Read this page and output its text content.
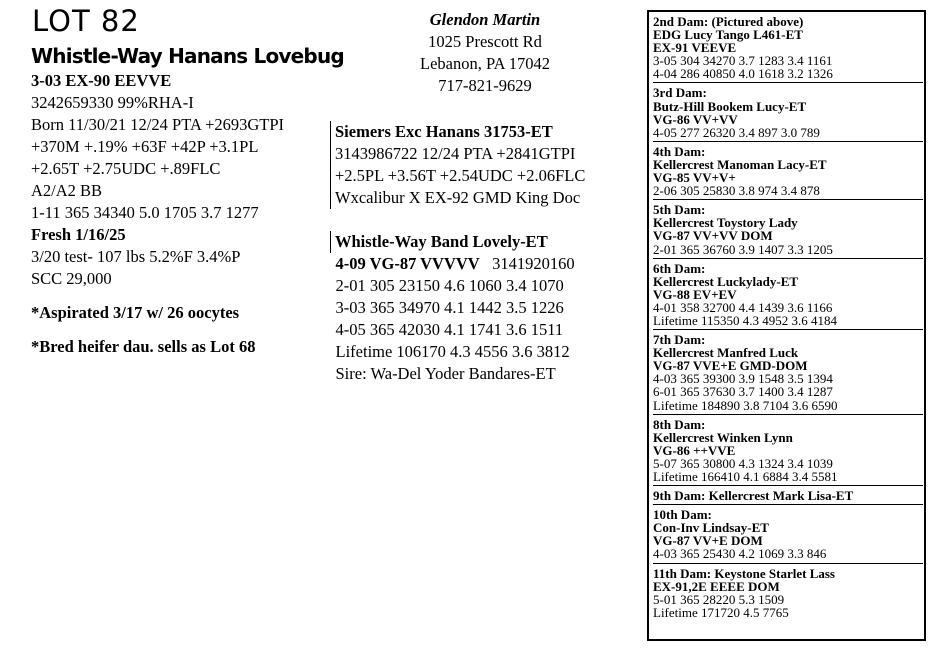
LOT 82
Whistle-Way Hanans Lovebug
3-03 EX-90 EEVVE
3242659330 99%RHA-I
Born 11/30/21 12/24 PTA +2693GTPI
+370M +.19% +63F +42P +3.1PL
+2.65T +2.75UDC +.89FLC
A2/A2 BB
1-11 365 34340 5.0 1705 3.7 1277
Fresh 1/16/25
3/20 test- 107 lbs 5.2%F 3.4%P
SCC 29,000
*Aspirated 3/17 w/ 26 oocytes
*Bred heifer dau. sells as Lot 68
Glendon Martin
1025 Prescott Rd
Lebanon, PA 17042
717-821-9629
Siemers Exc Hanans 31753-ET
3143986722 12/24 PTA +2841GTPI
+2.5PL +3.56T +2.54UDC +2.06FLC
Wxcalibur X EX-92 GMD King Doc
Whistle-Way Band Lovely-ET
4-09 VG-87 VVVVV 3141920160
2-01 305 23150 4.6 1060 3.4 1070
3-03 365 34970 4.1 1442 3.5 1226
4-05 365 42030 4.1 1741 3.6 1511
Lifetime 106170 4.3 4556 3.6 3812
Sire: Wa-Del Yoder Bandares-ET
2nd Dam: (Pictured above)
EDG Lucy Tango L461-ET
EX-91 VEEVE
3-05 304 34270 3.7 1283 3.4 1161
4-04 286 40850 4.0 1618 3.2 1326
3rd Dam:
Butz-Hill Bookem Lucy-ET
VG-86 VV+VV
4-05 277 26320 3.4 897 3.0 789
4th Dam:
Kellercrest Manoman Lacy-ET
VG-85 VV+V+
2-06 305 25830 3.8 974 3.4 878
5th Dam:
Kellercrest Toystory Lady
VG-87 VV+VV DOM
2-01 365 36760 3.9 1407 3.3 1205
6th Dam:
Kellercrest Luckylady-ET
VG-88 EV+EV
4-01 358 32700 4.4 1439 3.6 1166
Lifetime 115350 4.3 4952 3.6 4184
7th Dam:
Kellercrest Manfred Luck
VG-87 VVE+E GMD-DOM
4-03 365 39300 3.9 1548 3.5 1394
6-01 365 37630 3.7 1400 3.4 1287
Lifetime 184890 3.8 7104 3.6 6590
8th Dam:
Kellercrest Winken Lynn
VG-86 ++VVE
5-07 365 30800 4.3 1324 3.4 1039
Lifetime 166410 4.1 6884 3.4 5581
9th Dam: Kellercrest Mark Lisa-ET
10th Dam:
Con-Inv Lindsay-ET
VG-87 VV+E DOM
4-03 365 25430 4.2 1069 3.3 846
11th Dam: Keystone Starlet Lass
EX-91,2E EEEE DOM
5-01 365 28220 5.3 1509
Lifetime 171720 4.5 7765
